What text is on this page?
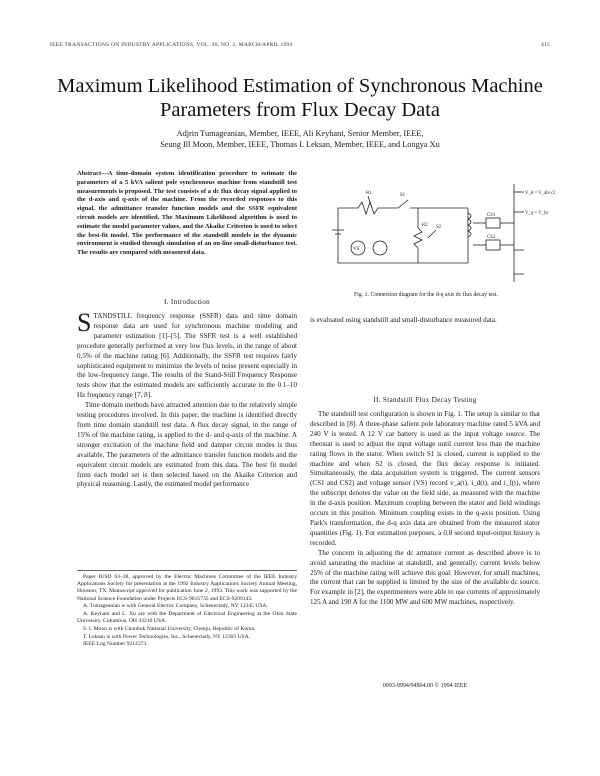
IEEE TRANSACTIONS ON INDUSTRY APPLICATIONS, VOL. 30, NO. 2, MARCH/APRIL 1994	415
Maximum Likelihood Estimation of Synchronous Machine Parameters from Flux Decay Data
Adjrin Tumageanian, Member, IEEE, Ali Keyhani, Senior Member, IEEE,
Seung Ill Moon, Member, IEEE, Thomas I. Leksan, Member, IEEE, and Longya Xu
Abstract—A time-domain system identification procedure to estimate the parameters of a 5 kVA salient pole synchronous machine from standstill test measurements is proposed. The test consists of a dc flux decay signal applied to the d-axis and q-axis of the machine. From the recorded responses to this signal, the admittance transfer function models and the SSFR equivalent circuit models are identified. The Maximum Likelihood algorithm is used to estimate the model parameter values, and the Akaike Criterion is used to select the best-fit model. The performance of the standstill models in the dynamic environment is studied through simulation of an on-line small-disturbance test. The results are compared with measured data.
I. Introduction

STANDSTILL frequency response (SSFR) data and time domain response data are used for synchronous machine modeling and parameter estimation [1]–[5]. The SSFR test is a well established procedure generally performed at very low flux levels, in the range of about 0.5% of the machine rating [6]. Additionally, the SSFR test requires fairly sophisticated equipment to minimize the levels of noise present especially in the low-frequency range. The results of the Stand-Still Frequency Response tests show that the estimated models are sufficiently accurate in the 0.1–10 Hz frequency range [7, 8].

Time domain methods have attracted attention due to the relatively simple testing procedures involved. In this paper, the machine is identified directly from time domain standstill test data. A flux decay signal, in the range of 15% of the machine rating, is applied to the d- and q-axis of the machine. A stronger excitation of the machine field and damper circuit modes is thus available. The parameters of the admittance transfer function models and the equivalent circuit models are estimated from this data. The best fit model from each model set is then selected based on the Akaike Criterion and physical reasoning. Lastly, the estimated model performance

Paper IUSD 93–38, approved by the Electric Machines Committee of the IEEE Industry Applications Society for presentation at the 1992 Industry Applications Society Annual Meeting, Houston, TX. Manuscript approved for publication June 2, 1993. This work was supported by the National Science Foundation under Projects ECS-9015735 and ECS-9209143.

A. Tumageanian is with General Electric Company, Schenectady, NY 12345 USA.

A. Keyhani and L. Xu are with the Department of Electrical Engineering at the Ohio State University, Columbus, OH 43210 USA.

S. I. Moon is with Chonbuk National University, Chonju, Republic of Korea.

T. Leksan is with Power Technologies, Inc., Schenectady, NY 12305 USA.

IEEE Log Number 9214373.

V_d = V_ab/√2
V_q = V_bc
CS1
CS2
VS
R1
R2
S1
S2
Fig. 1. Connection diagram for the d-q axis dc flux decay test.

is evaluated using standstill and small-disturbance measured data.

II. Standstill Flux Decay Testing

The standstill test configuration is shown in Fig. 1. The setup is similar to that described in [8]. A three-phase salient pole laboratory machine rated 5 kVA and 240 V is tested. A 12 V car battery is used as the input voltage source. The rheostat is used to adjust the input voltage until current less than the machine rating flows in the stator. When switch S1 is closed, current is supplied to the machine and when S2 is closed, the flux decay response is initiated. Simultaneously, the data acquisition system is triggered. The current sensors (CS1 and CS2) and voltage sensor (VS) record v_a(t), i_d(t), and i_f(t), where the subscript denotes the value on the field side, as measured with the machine in the d-axis position. Maximum coupling between the stator and field windings occurs in this position. Minimum coupling exists in the q-axis position. Using Park's transformation, the d-q axis data are obtained from the measured stator quantities (Fig. 1). For estimation purposes, a 0.8 second input-output history is recorded.

The concern in adjusting the dc armature current as described above is to avoid saturating the machine at standstill, and generally, current levels below 25% of the machine rating will achieve this goal. However, for small machines, the current that can be supplied is limited by the size of the available dc source. For example in [2], the experimenters were able to use currents of approximately 125 A and 190 A for the 1100 MW and 600 MW machines, respectively.

0093-9994/94$04.00 © 1994 IEEE
